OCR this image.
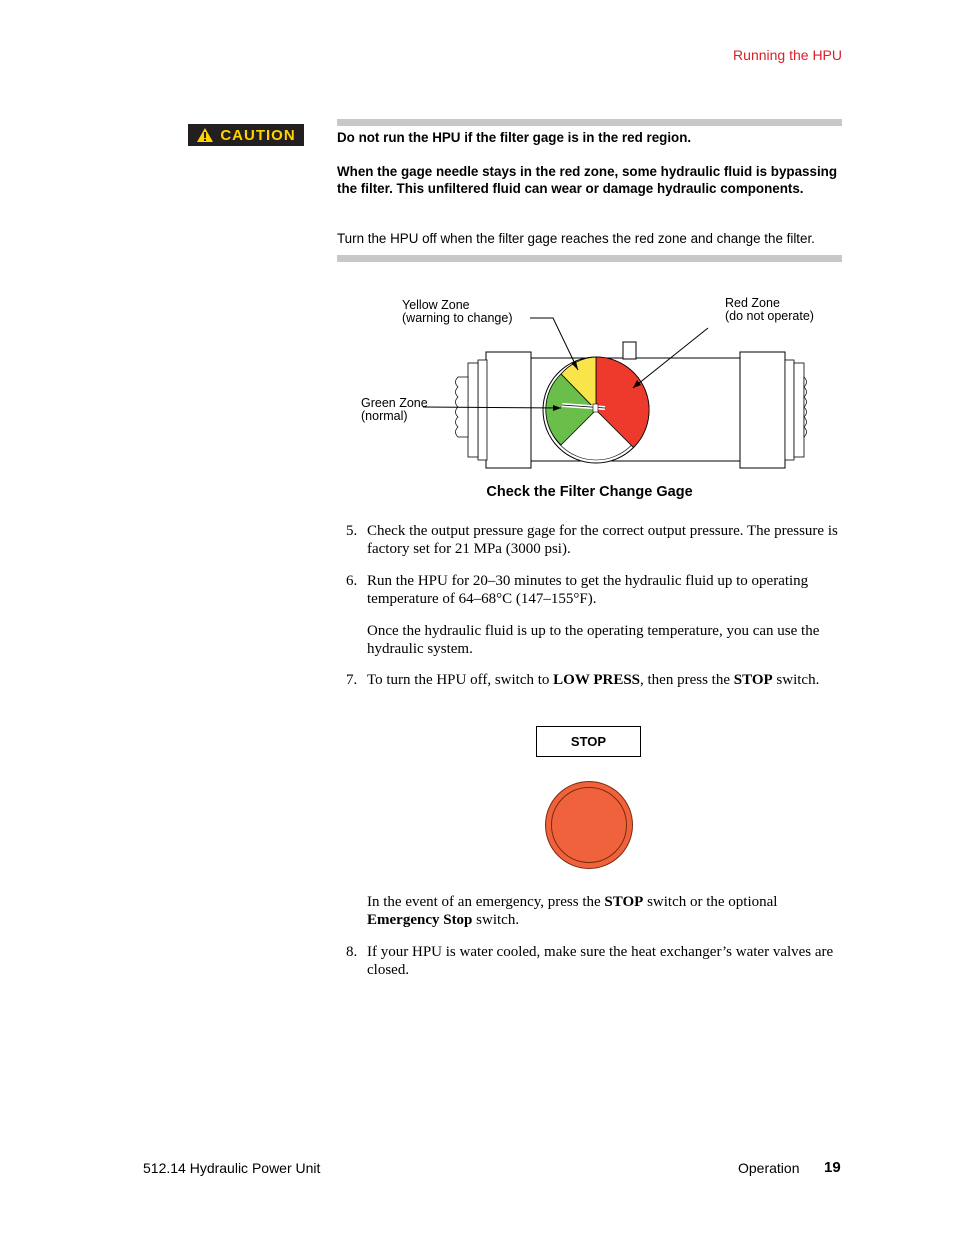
Running the HPU
CAUTION	Do not run the HPU if the filter gage is in the red region.
When the gage needle stays in the red zone, some hydraulic fluid is bypassing the filter. This unfiltered fluid can wear or damage hydraulic components.
Turn the HPU off when the filter gage reaches the red zone and change the filter.
Yellow Zone
(warning to change)
Red Zone
(do not operate)
Green Zone
(normal)
Check the Filter Change Gage
5. Check the output pressure gage for the correct output pressure. The pressure is factory set for 21 MPa (3000 psi).
6. Run the HPU for 20–30 minutes to get the hydraulic fluid up to operating temperature of 64–68°C (147–155°F).
Once the hydraulic fluid is up to the operating temperature, you can use the hydraulic system.
7. To turn the HPU off, switch to LOW PRESS, then press the STOP switch.
STOP
In the event of an emergency, press the STOP switch or the optional Emergency Stop switch.
8. If your HPU is water cooled, make sure the heat exchanger’s water valves are closed.
512.14 Hydraulic Power Unit	Operation 19
